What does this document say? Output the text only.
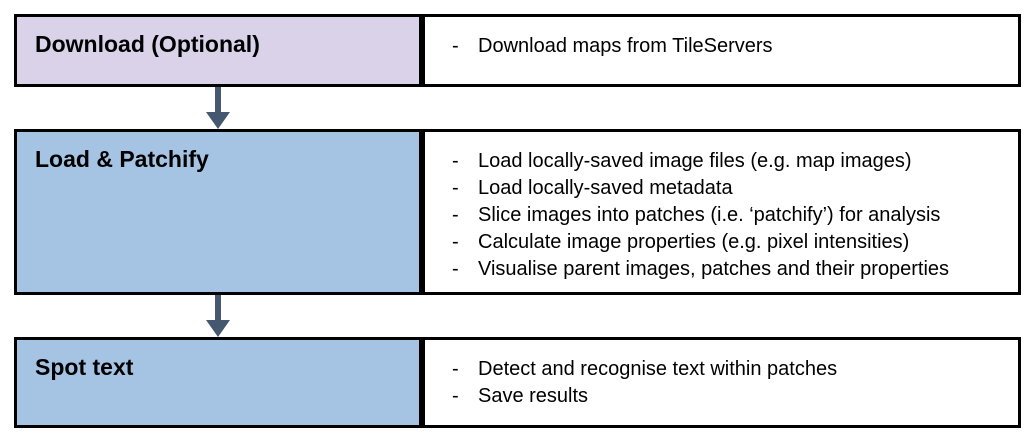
Download (Optional)	- Download maps from TileServers
Load & Patchify	- Load locally-saved image files (e.g. map images)
- Load locally-saved metadata
- Slice images into patches (i.e. ‘patchify’) for analysis
- Calculate image properties (e.g. pixel intensities)
- Visualise parent images, patches and their properties
Spot text	- Detect and recognise text within patches
- Save results
